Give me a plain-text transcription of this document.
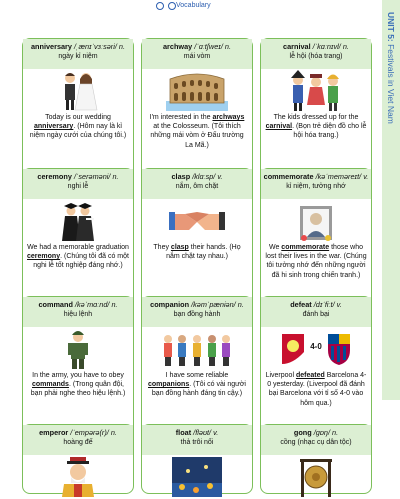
Vocabulary
UNIT 5: Festivals in Viet Nam
anniversary /ˌænɪˈvɜːsəri/ n.
ngày kỉ niệm
Today is our wedding anniversary. (Hôm nay là kỉ niệm ngày cưới của chúng tôi.)
archway /ˈɑːtʃweɪ/ n.
mái vòm
I'm interested in the archways at the Colosseum. (Tôi thích những mái vòm ở Đấu trường La Mã.)
carnival /ˈkɑːnɪvl/ n.
lễ hội (hóa trang)
The kids dressed up for the carnival. (Bọn trẻ diện đồ cho lễ hội hóa trang.)
ceremony /ˈserəməni/ n.
nghi lễ
We had a memorable graduation ceremony. (Chúng tôi đã có một nghi lễ tốt nghiệp đáng nhớ.)
clasp /klɑːsp/ v.
nắm, ôm chặt
They clasp their hands. (Họ nắm chặt tay nhau.)
commemorate /kəˈmeməreɪt/ v.
kỉ niệm, tưởng nhớ
We commemorate those who lost their lives in the war. (Chúng tôi tưởng nhớ đến những người đã hi sinh trong chiến tranh.)
command /kəˈmɑːnd/ n.
hiệu lệnh
In the army, you have to obey commands. (Trong quân đội, bạn phải nghe theo hiệu lệnh.)
companion /kəmˈpæniən/ n.
bạn đồng hành
I have some reliable companions. (Tôi có vài người bạn đồng hành đáng tin cậy.)
defeat /dɪˈfiːt/ v.
đánh bại
4-0
Liverpool defeated Barcelona 4-0 yesterday. (Liverpool đã đánh bại Barcelona với tỉ số 4-0 vào hôm qua.)
emperor /ˈempərə(r)/ n.
hoàng đế
float /fləʊt/ v.
thả trôi nổi
gong /ɡɒŋ/ n.
cồng (nhạc cụ dân tộc)
